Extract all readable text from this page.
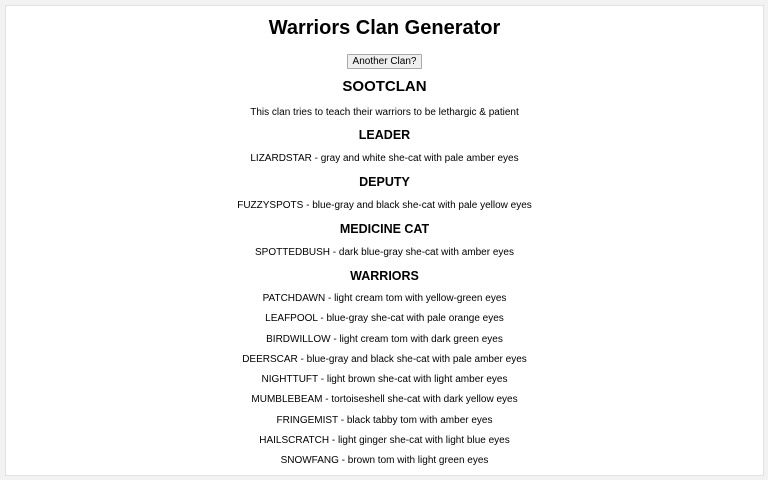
Warriors Clan Generator
Another Clan?
SOOTCLAN
This clan tries to teach their warriors to be lethargic & patient
LEADER
LIZARDSTAR - gray and white she-cat with pale amber eyes
DEPUTY
FUZZYSPOTS - blue-gray and black she-cat with pale yellow eyes
MEDICINE CAT
SPOTTEDBUSH - dark blue-gray she-cat with amber eyes
WARRIORS
PATCHDAWN - light cream tom with yellow-green eyes
LEAFPOOL - blue-gray she-cat with pale orange eyes
BIRDWILLOW - light cream tom with dark green eyes
DEERSCAR - blue-gray and black she-cat with pale amber eyes
NIGHTTUFT - light brown she-cat with light amber eyes
MUMBLEBEAM - tortoiseshell she-cat with dark yellow eyes
FRINGEMIST - black tabby tom with amber eyes
HAILSCRATCH - light ginger she-cat with light blue eyes
SNOWFANG - brown tom with light green eyes
